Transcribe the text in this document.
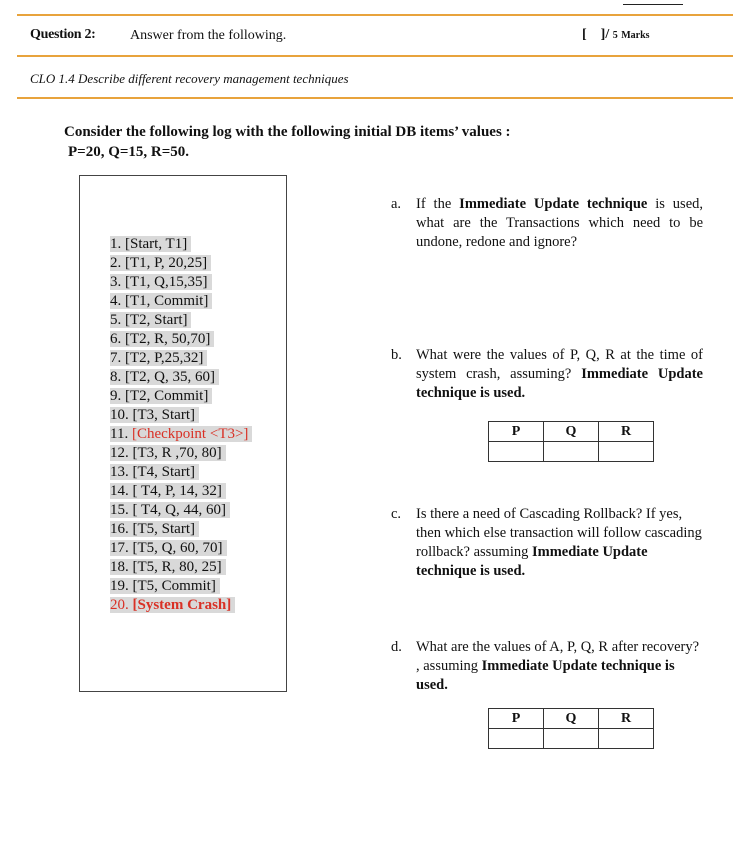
Question 2: Answer from the following.	[ ]/ 5 Marks
CLO 1.4 Describe different recovery management techniques
Consider the following log with the following initial DB items’ values :
P=20, Q=15, R=50.
1. [Start, T1]
2. [T1, P, 20,25]
3. [T1, Q,15,35]
4. [T1, Commit]
5. [T2, Start]
6. [T2, R, 50,70]
7. [T2, P,25,32]
8. [T2, Q, 35, 60]
9. [T2, Commit]
10. [T3, Start]
11. [Checkpoint <T3>]
12. [T3, R ,70, 80]
13. [T4, Start]
14. [ T4, P, 14, 32]
15. [ T4, Q, 44, 60]
16. [T5, Start]
17. [T5, Q, 60, 70]
18. [T5, R, 80, 25]
19. [T5, Commit]
20. [System Crash]
a. If the Immediate Update technique is used, what are the Transactions which need to be undone, redone and ignore?
b. What were the values of P, Q, R at the time of system crash, assuming? Immediate Update technique is used.
P	Q	R

c. Is there a need of Cascading Rollback? If yes, then which else transaction will follow cascading rollback? assuming Immediate Update technique is used.
d. What are the values of A, P, Q, R after recovery? , assuming Immediate Update technique is used.
P	Q	R
